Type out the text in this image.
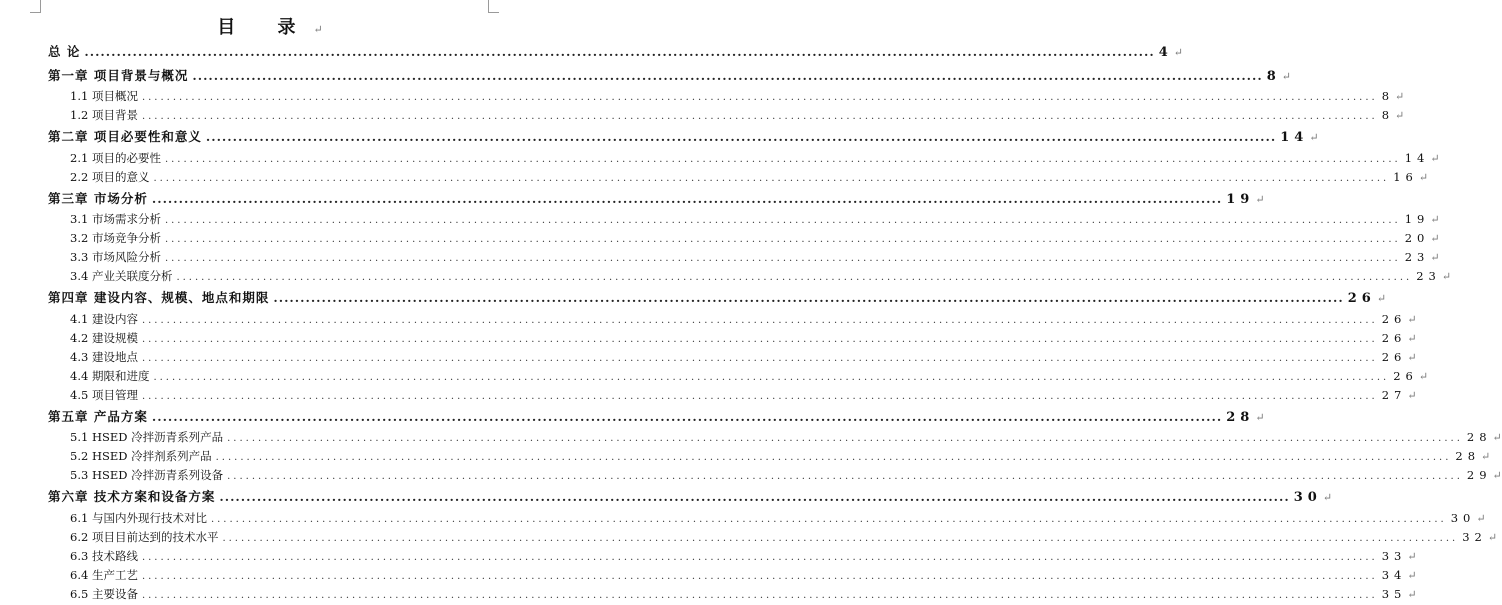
目 录↵
总 论 ........................................................................................................................................................................................................ 4 ↵
第一章 项目背景与概况 ........................................................................................................................................................................................................ 8 ↵
1.1 项目概况 ........................................................................................................................................................................................................ 8 ↵
1.2 项目背景 ........................................................................................................................................................................................................ 8 ↵
第二章 项目必要性和意义 ........................................................................................................................................................................................................ 14 ↵
2.1 项目的必要性 ........................................................................................................................................................................................................ 14 ↵
2.2 项目的意义 ........................................................................................................................................................................................................ 16 ↵
第三章 市场分析 ........................................................................................................................................................................................................ 19 ↵
3.1 市场需求分析 ........................................................................................................................................................................................................ 19 ↵
3.2 市场竞争分析 ........................................................................................................................................................................................................ 20 ↵
3.3 市场风险分析 ........................................................................................................................................................................................................ 23 ↵
3.4 产业关联度分析 ........................................................................................................................................................................................................ 23 ↵
第四章 建设内容、规模、地点和期限 ........................................................................................................................................................................................................ 26 ↵
4.1 建设内容 ........................................................................................................................................................................................................ 26 ↵
4.2 建设规模 ........................................................................................................................................................................................................ 26 ↵
4.3 建设地点 ........................................................................................................................................................................................................ 26 ↵
4.4 期限和进度 ........................................................................................................................................................................................................ 26 ↵
4.5 项目管理 ........................................................................................................................................................................................................ 27 ↵
第五章 产品方案 ........................................................................................................................................................................................................ 28 ↵
5.1 HSED 冷拌沥青系列产品 ........................................................................................................................................................................................................ 28 ↵
5.2 HSED 冷拌剂系列产品 ........................................................................................................................................................................................................ 28 ↵
5.3 HSED 冷拌沥青系列设备 ........................................................................................................................................................................................................ 29 ↵
第六章 技术方案和设备方案 ........................................................................................................................................................................................................ 30 ↵
6.1 与国内外现行技术对比 ........................................................................................................................................................................................................ 30 ↵
6.2 项目目前达到的技术水平 ........................................................................................................................................................................................................ 32 ↵
6.3 技术路线 ........................................................................................................................................................................................................ 33 ↵
6.4 生产工艺 ........................................................................................................................................................................................................ 34 ↵
6.5 主要设备 ........................................................................................................................................................................................................ 35 ↵
